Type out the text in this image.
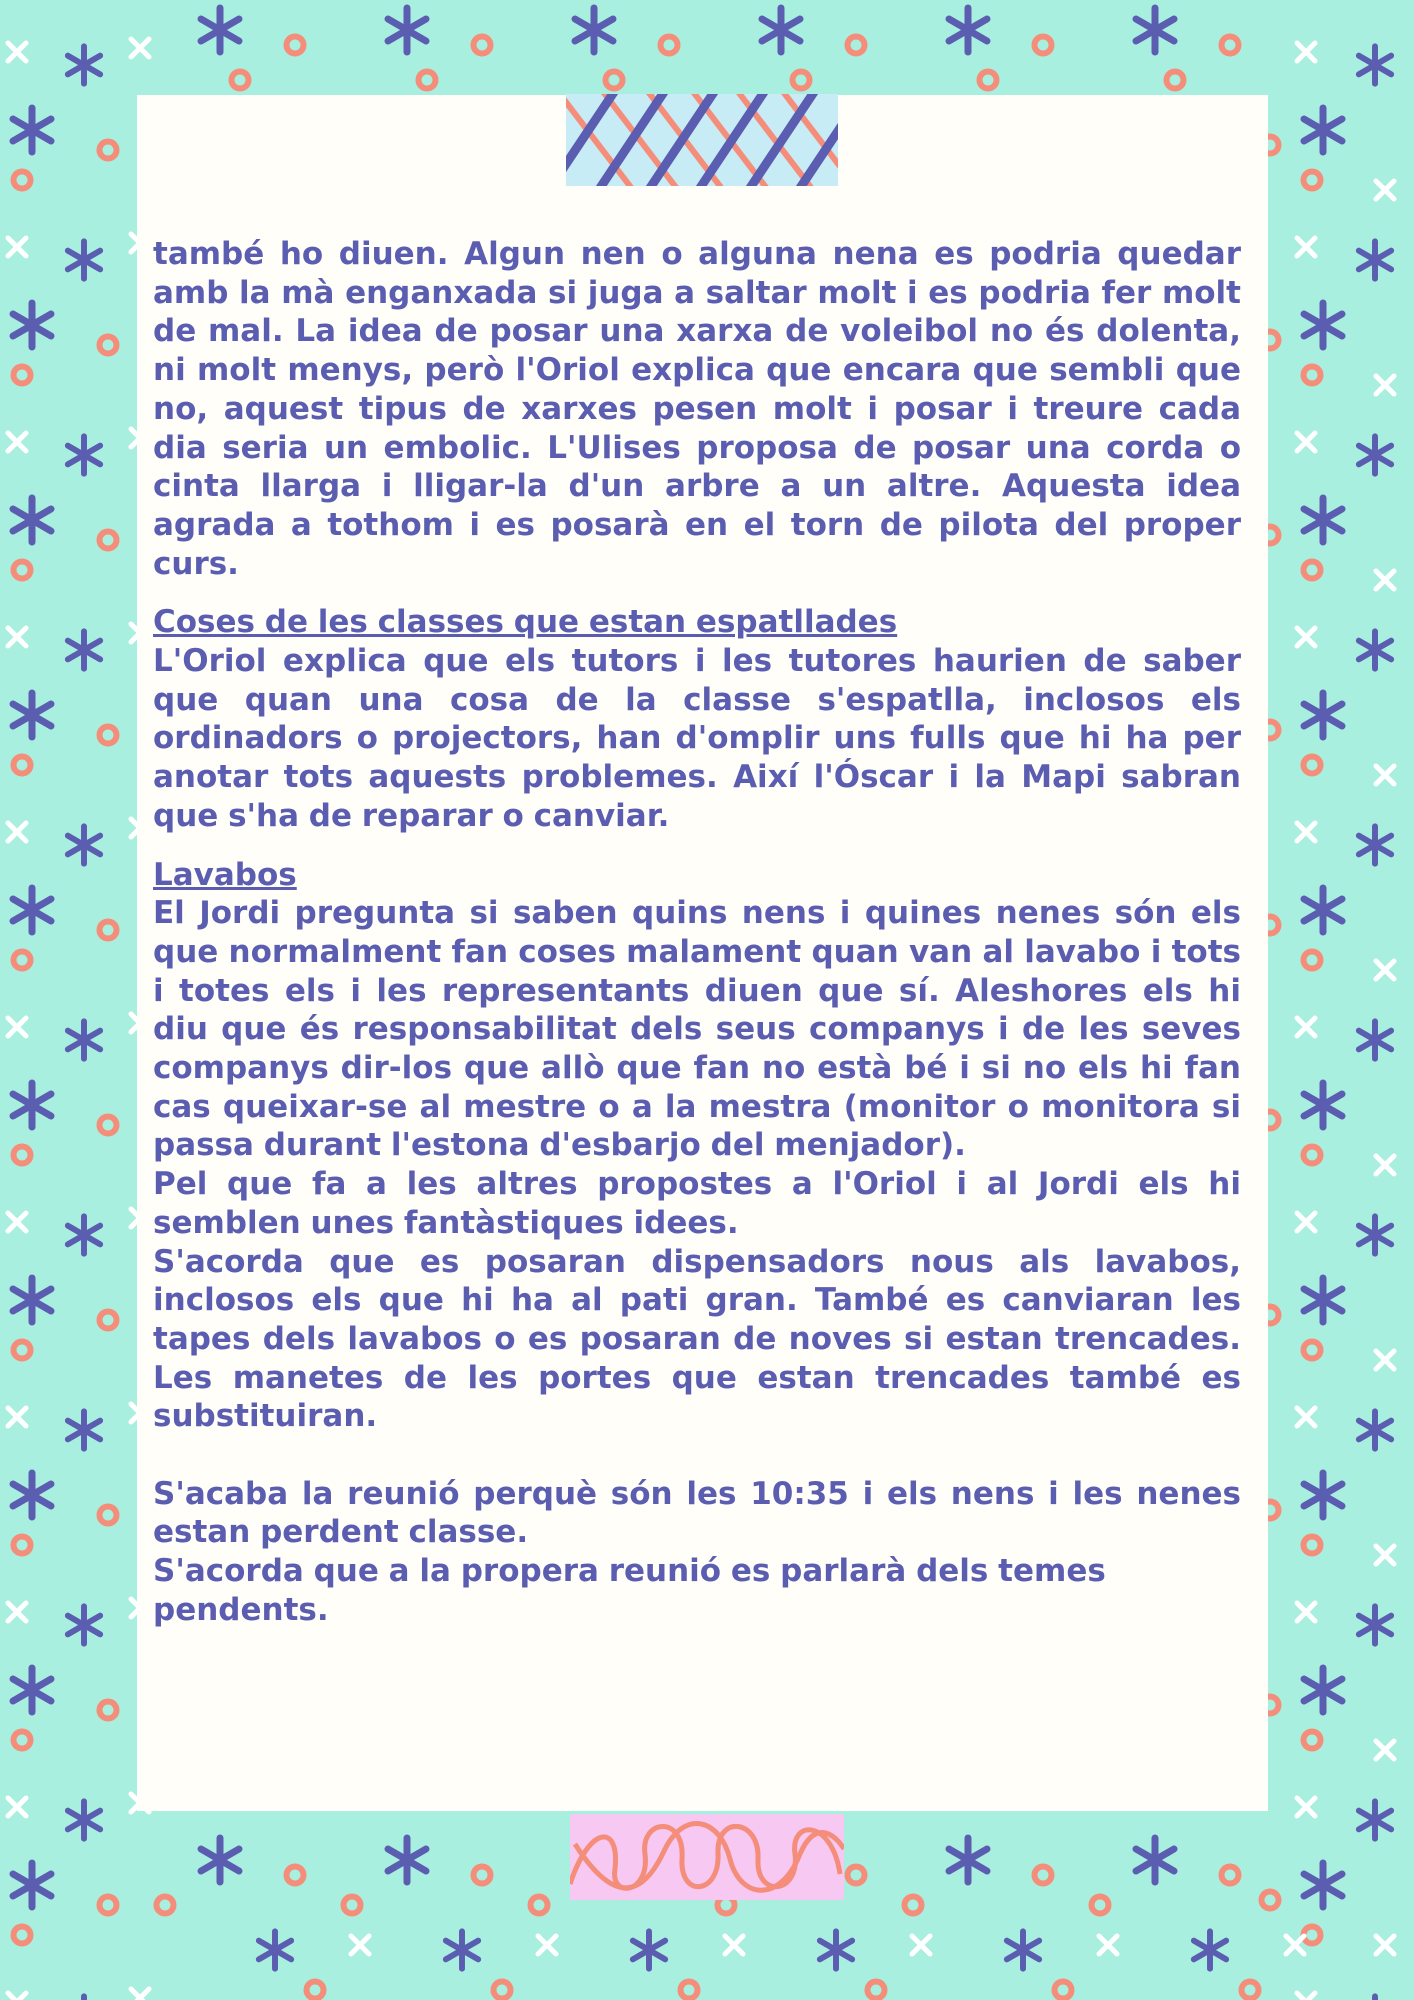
també ho diuen. Algun nen o alguna nena es podria quedar amb la mà enganxada si juga a saltar molt i es podria fer molt de mal. La idea de posar una xarxa de voleibol no és dolenta, ni molt menys, però l'Oriol explica que encara que sembli que no, aquest tipus de xarxes pesen molt i posar i treure cada dia seria un embolic. L'Ulises proposa de posar una corda o cinta llarga i lligar-la d'un arbre a un altre. Aquesta idea agrada a tothom i es posarà en el torn de pilota del proper curs.

Coses de les classes que estan espatllades

L'Oriol explica que els tutors i les tutores haurien de saber que quan una cosa de la classe s'espatlla, inclosos els ordinadors o projectors, han d'omplir uns fulls que hi ha per anotar tots aquests problemes. Així l'Óscar i la Mapi sabran que s'ha de reparar o canviar.

Lavabos

El Jordi pregunta si saben quins nens i quines nenes són els que normalment fan coses malament quan van al lavabo i tots i totes els i les representants diuen que sí. Aleshores els hi diu que és responsabilitat dels seus companys i de les seves companys dir-los que allò que fan no està bé i si no els hi fan cas queixar-se al mestre o a la mestra (monitor o monitora si passa durant l'estona d'esbarjo del menjador).

Pel que fa a les altres propostes a l'Oriol i al Jordi els hi semblen unes fantàstiques idees.

S'acorda que es posaran dispensadors nous als lavabos, inclosos els que hi ha al pati gran. També es canviaran les tapes dels lavabos o es posaran de noves si estan trencades. Les manetes de les portes que estan trencades també es substituiran.

S'acaba la reunió perquè són les 10:35 i els nens i les nenes estan perdent classe.

S'acorda que a la propera reunió es parlarà dels temes pendents.
